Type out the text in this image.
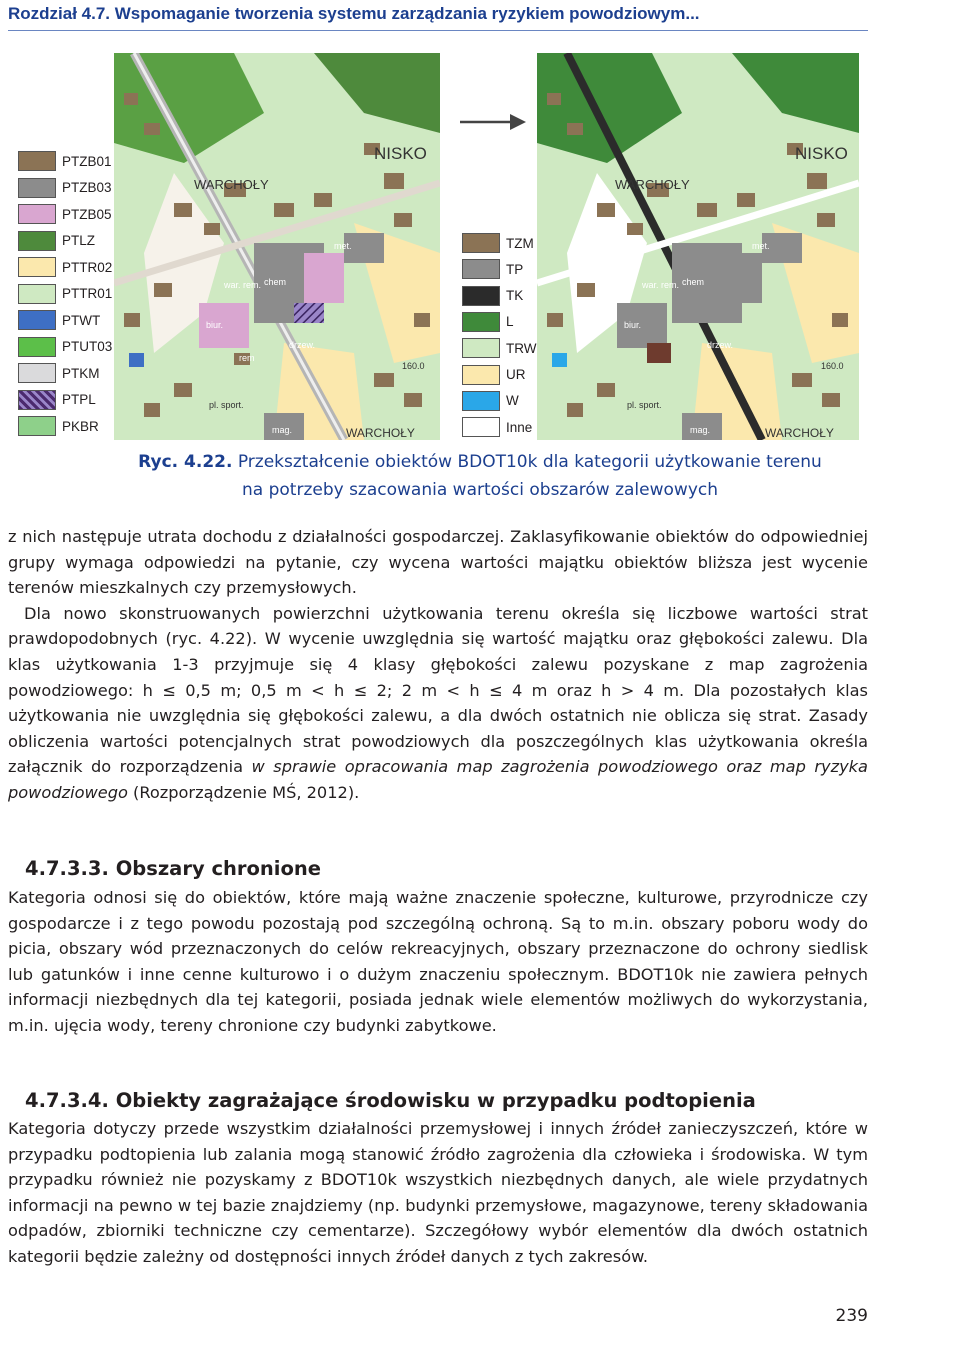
Rozdział 4.7. Wspomaganie tworzenia systemu zarządzania ryzykiem powodziowym...
WARCHOŁY
NISKO
WARCHOŁY
160.0
chem
drzew.
biur.
pl. sport.
war. rem.
met.
rem
mag.
WARCHOŁY
NISKO
WARCHOŁY
160.0
chem
drzew.
biur.
pl. sport.
war. rem.
met.
mag.
PTZB01
PTZB03
PTZB05
PTLZ
PTTR02
PTTR01
PTWT
PTUT03
PTKM
PTPL
PKBR
TZM
TP
TK
L
TRW
UR
W
Inne
Ryc. 4.22. Przekształcenie obiektów BDOT10k dla kategorii użytkowanie terenu
na potrzeby szacowania wartości obszarów zalewowych

z nich następuje utrata dochodu z działalności gospodarczej. Zaklasyfikowanie obiektów do odpowiedniej grupy wymaga odpowiedzi na pytanie, czy wycena wartości majątku obiektów bliższa jest wycenie terenów mieszkalnych czy przemysłowych.

Dla nowo skonstruowanych powierzchni użytkowania terenu określa się liczbowe wartości strat prawdopodobnych (ryc. 4.22). W wycenie uwzględnia się wartość majątku oraz głębokości zalewu. Dla klas użytkowania 1-3 przyjmuje się 4 klasy głębokości zalewu pozyskane z map zagrożenia powodziowego: h ≤ 0,5 m; 0,5 m < h ≤ 2; 2 m < h ≤ 4 m oraz h > 4 m. Dla pozostałych klas użytkowania nie uwzględnia się głębokości zalewu, a dla dwóch ostatnich nie oblicza się strat. Zasady obliczenia wartości potencjalnych strat powodziowych dla poszczególnych klas użytkowania określa załącznik do rozporządzenia w sprawie opracowania map zagrożenia powodziowego oraz map ryzyka powodziowego (Rozporządzenie MŚ, 2012).

4.7.3.3. Obszary chronione

Kategoria odnosi się do obiektów, które mają ważne znaczenie społeczne, kulturowe, przyrodnicze czy gospodarcze i z tego powodu pozostają pod szczególną ochroną. Są to m.in. obszary poboru wody do picia, obszary wód przeznaczonych do celów rekreacyjnych, obszary przeznaczone do ochrony siedlisk lub gatunków i inne cenne kulturowo i o dużym znaczeniu społecznym. BDOT10k nie zawiera pełnych informacji niezbędnych dla tej kategorii, posiada jednak wiele elementów możliwych do wykorzystania, m.in. ujęcia wody, tereny chronione czy budynki zabytkowe.

4.7.3.4. Obiekty zagrażające środowisku w przypadku podtopienia

Kategoria dotyczy przede wszystkim działalności przemysłowej i innych źródeł zanieczyszczeń, które w przypadku podtopienia lub zalania mogą stanowić źródło zagrożenia dla człowieka i środowiska. W tym przypadku również nie pozyskamy z BDOT10k wszystkich niezbędnych danych, ale wiele przydatnych informacji na pewno w tej bazie znajdziemy (np. budynki przemysłowe, magazynowe, tereny składowania odpadów, zbiorniki techniczne czy cementarze). Szczegółowy wybór elementów dla dwóch ostatnich kategorii będzie zależny od dostępności innych źródeł danych z tych zakresów.

239
